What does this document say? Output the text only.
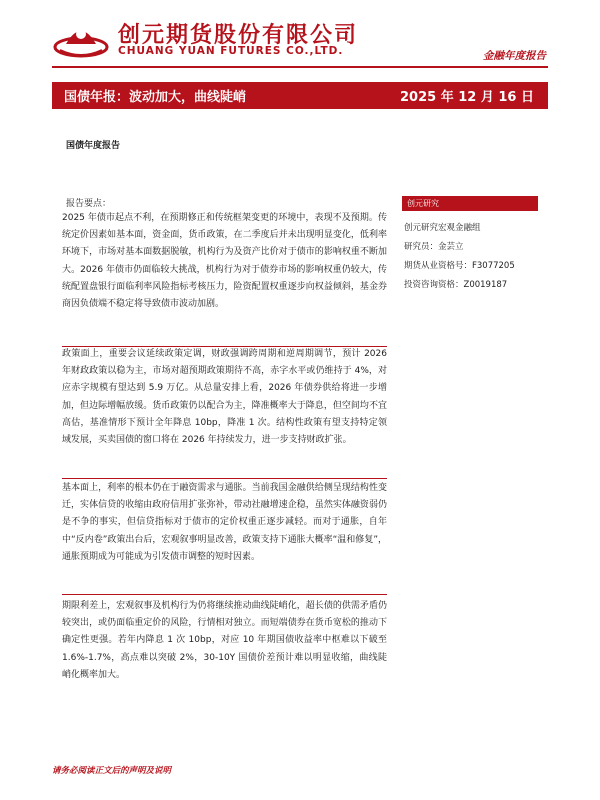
创元期货股份有限公司
CHUANG YUAN FUTURES CO.,LTD.	金融年度报告
国债年报：波动加大，曲线陡峭	2025 年 12 月 16 日
国债年度报告
报告要点：

2025 年债市起点不利，在预期修正和传统框架变更的环境中，表现不及预期。传统定价因素如基本面，资金面，货币政策，在二季度后并未出现明显变化，低利率环境下，市场对基本面数据脱敏，机构行为及资产比价对于债市的影响权重不断加大。2026 年债市仍面临较大挑战，机构行为对于债券市场的影响权重仍较大，传统配置盘银行面临利率风险指标考核压力，险资配置权重逐步向权益倾斜，基金券商因负债端不稳定将导致债市波动加剧。

政策面上，重要会议延续政策定调，财政强调跨周期和逆周期调节，预计 2026 年财政政策以稳为主，市场对超预期政策期待不高，赤字水平或仍维持于 4%，对应赤字规模有望达到 5.9 万亿。从总量安排上看，2026 年债券供给将进一步增加，但边际增幅放缓。货币政策仍以配合为主，降准概率大于降息，但空间均不宜高估，基准情形下预计全年降息 10bp，降准 1 次。结构性政策有望支持特定领域发展，买卖国债的窗口将在 2026 年持续发力，进一步支持财政扩张。

基本面上，利率的根本仍在于融资需求与通胀。当前我国金融供给侧呈现结构性变迁，实体信贷的收缩由政府信用扩张弥补，带动社融增速企稳，虽然实体融资弱仍是不争的事实，但信贷指标对于债市的定价权重正逐步减轻。而对于通胀，自年中“反内卷”政策出台后，宏观叙事明显改善，政策支持下通胀大概率“温和修复”，通胀预期成为可能成为引发债市调整的短时因素。

期限利差上，宏观叙事及机构行为仍将继续推动曲线陡峭化，超长债的供需矛盾仍较突出，或仍面临重定价的风险，行情相对独立。而短端债券在货币宽松的推动下确定性更强。若年内降息 1 次 10bp，对应 10 年期国债收益率中枢难以下破至 1.6%-1.7%，高点难以突破 2%，30-10Y 国债价差预计难以明显收缩，曲线陡峭化概率加大。

创元研究
创元研究宏观金融组
研究员：金芸立
期货从业资格号：F3077205
投资咨询资格：Z0019187
请务必阅读正文后的声明及说明
